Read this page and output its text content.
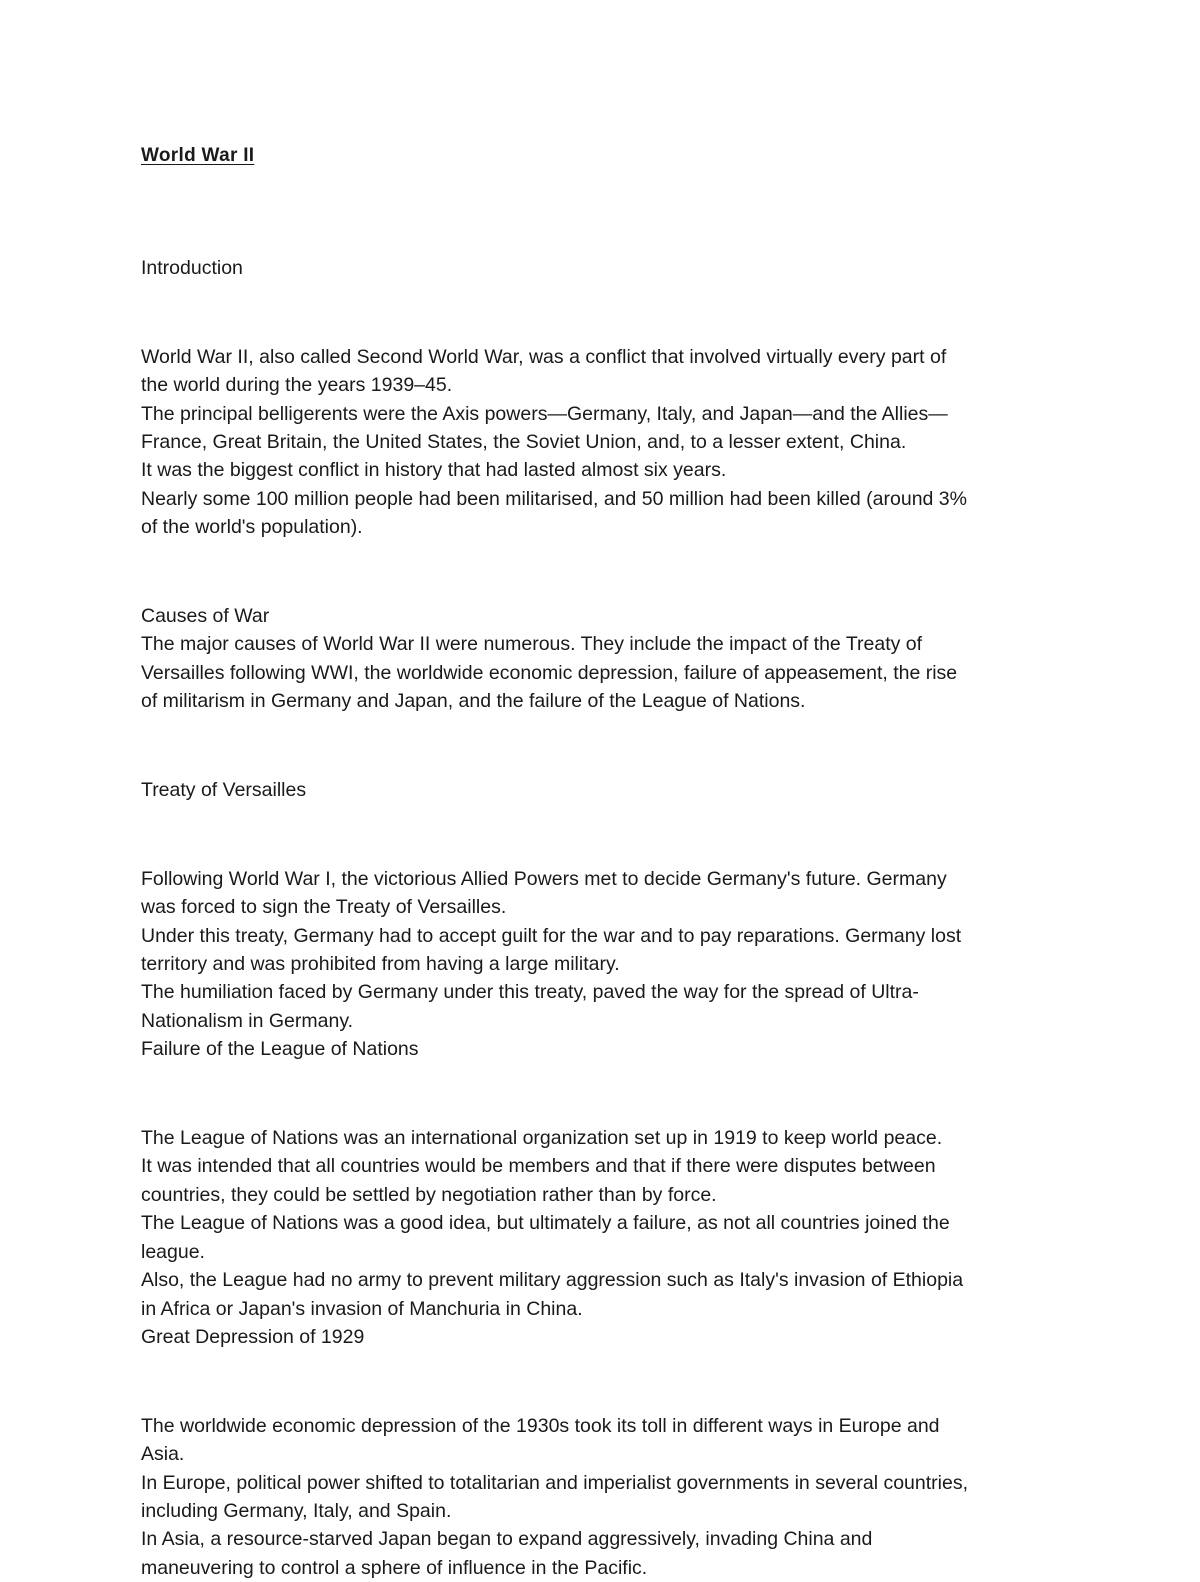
World War II

Introduction

World War II, also called Second World War, was a conflict that involved virtually every part of

the world during the years 1939–45.

The principal belligerents were the Axis powers—Germany, Italy, and Japan—and the Allies—

France, Great Britain, the United States, the Soviet Union, and, to a lesser extent, China.

It was the biggest conflict in history that had lasted almost six years.

Nearly some 100 million people had been militarised, and 50 million had been killed (around 3%

of the world's population).

Causes of War

The major causes of World War II were numerous. They include the impact of the Treaty of

Versailles following WWI, the worldwide economic depression, failure of appeasement, the rise

of militarism in Germany and Japan, and the failure of the League of Nations.

Treaty of Versailles

Following World War I, the victorious Allied Powers met to decide Germany's future. Germany

was forced to sign the Treaty of Versailles.

Under this treaty, Germany had to accept guilt for the war and to pay reparations. Germany lost

territory and was prohibited from having a large military.

The humiliation faced by Germany under this treaty, paved the way for the spread of Ultra-

Nationalism in Germany.

Failure of the League of Nations

The League of Nations was an international organization set up in 1919 to keep world peace.

It was intended that all countries would be members and that if there were disputes between

countries, they could be settled by negotiation rather than by force.

The League of Nations was a good idea, but ultimately a failure, as not all countries joined the

league.

Also, the League had no army to prevent military aggression such as Italy's invasion of Ethiopia

in Africa or Japan's invasion of Manchuria in China.

Great Depression of 1929

The worldwide economic depression of the 1930s took its toll in different ways in Europe and

Asia.

In Europe, political power shifted to totalitarian and imperialist governments in several countries,

including Germany, Italy, and Spain.

In Asia, a resource-starved Japan began to expand aggressively, invading China and

maneuvering to control a sphere of influence in the Pacific.
